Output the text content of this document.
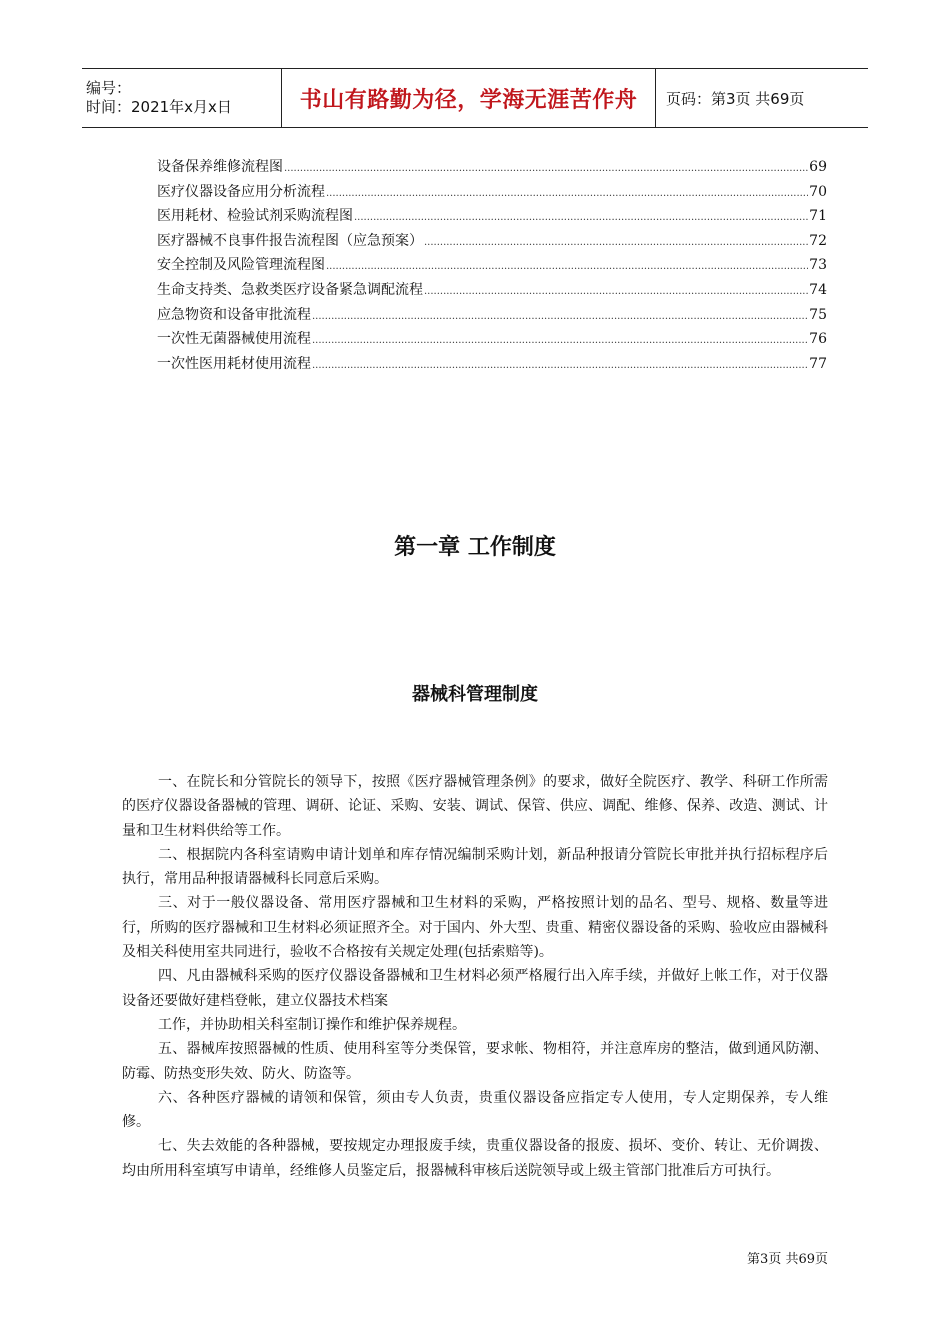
编号：
时间：2021年x月x日	书山有路勤为径，学海无涯苦作舟	页码：第3页 共69页
设备保养维修流程图 .....	69
医疗仪器设备应用分析流程 .....	70
医用耗材、检验试剂采购流程图 .....	71
医疗器械不良事件报告流程图（应急预案） .....	72
安全控制及风险管理流程图 .....	73
生命支持类、急救类医疗设备紧急调配流程 .....	74
应急物资和设备审批流程 .....	75
一次性无菌器械使用流程 .....	76
一次性医用耗材使用流程 .....	77
第一章 工作制度
器械科管理制度

一、在院长和分管院长的领导下，按照《医疗器械管理条例》的要求，做好全院医疗、教学、科研工作所需的医疗仪器设备器械的管理、调研、论证、采购、安装、调试、保管、供应、调配、维修、保养、改造、测试、计量和卫生材料供给等工作。

二、根据院内各科室请购申请计划单和库存情况编制采购计划，新品种报请分管院长审批并执行招标程序后执行，常用品种报请器械科长同意后采购。

三、对于一般仪器设备、常用医疗器械和卫生材料的采购，严格按照计划的品名、型号、规格、数量等进行，所购的医疗器械和卫生材料必须证照齐全。对于国内、外大型、贵重、精密仪器设备的采购、验收应由器械科及相关科使用室共同进行，验收不合格按有关规定处理(包括索赔等)。

四、凡由器械科采购的医疗仪器设备器械和卫生材料必须严格履行出入库手续，并做好上帐工作，对于仪器设备还要做好建档登帐，建立仪器技术档案

工作，并协助相关科室制订操作和维护保养规程。

五、器械库按照器械的性质、使用科室等分类保管，要求帐、物相符，并注意库房的整洁，做到通风防潮、防霉、防热变形失效、防火、防盗等。

六、各种医疗器械的请领和保管，须由专人负责，贵重仪器设备应指定专人使用，专人定期保养，专人维修。

七、失去效能的各种器械，要按规定办理报废手续，贵重仪器设备的报废、损坏、变价、转让、无价调拨、均由所用科室填写申请单，经维修人员鉴定后，报器械科审核后送院领导或上级主管部门批准后方可执行。

第3页 共69页
